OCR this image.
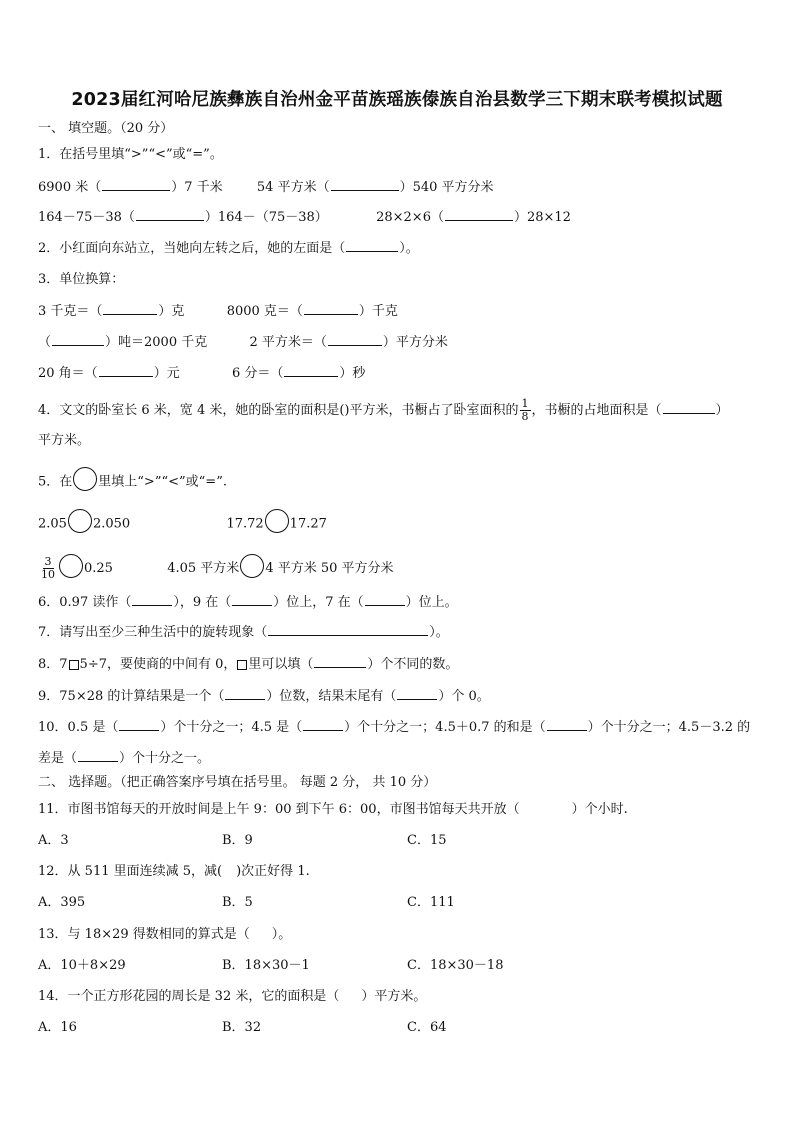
2023届红河哈尼族彝族自治州金平苗族瑶族傣族自治县数学三下期末联考模拟试题
一、 填空题。（20 分）
1．在括号里填“>”“<”或“=”。
6900 米（	）7 千米	54 平方米（	）540 平方分米
164－75－38（	）164－（75－38）	28×2×6（	）28×12
2．小红面向东站立，当她向左转之后，她的左面是（	）。
3．单位换算：
3 千克＝（	）克	8000 克＝（	）千克
（	）吨＝2000 千克	2 平方米＝（	）平方分米
20 角＝（	）元	6 分＝（	）秒
4．文文的卧室长 6 米，宽 4 米，她的卧室的面积是()平方米，书橱占了卧室面积的 $\frac{1}{8}$ ，书橱的占地面积是（	）
平方米。
5．在 里填上“>”“<”或“=”.
2.05 2.050	17.72 17.27
$\frac{3}{10} 0.25$	4.05 平方米 4 平方米 50 平方分米
6．0.97 读作（	），9 在（	）位上，7 在（	）位上。
7．请写出至少三种生活中的旋转现象（	）。
8．7 5÷7，要使商的中间有 0， 里可以填（	）个不同的数。
9．75×28 的计算结果是一个（	）位数，结果末尾有（	）个 0。
10．0.5 是（	）个十分之一；4.5 是（	）个十分之一；4.5＋0.7 的和是（	）个十分之一；4.5－3.2 的
差是（	）个十分之一。
二、 选择题。（把正确答案序号填在括号里。 每题 2 分， 共 10 分）
11．市图书馆每天的开放时间是上午 9：00 到下午 6：00，市图书馆每天共开放（	）个小时.
A．3	B．9	C．15
12．从 511 里面连续减 5，减( )次正好得 1.
A．395	B．5	C．111
13．与 18×29 得数相同的算式是（ ）。
A．10＋8×29	B．18×30－1	C．18×30－18
14．一个正方形花园的周长是 32 米，它的面积是（ ）平方米。
A．16	B．32	C．64
